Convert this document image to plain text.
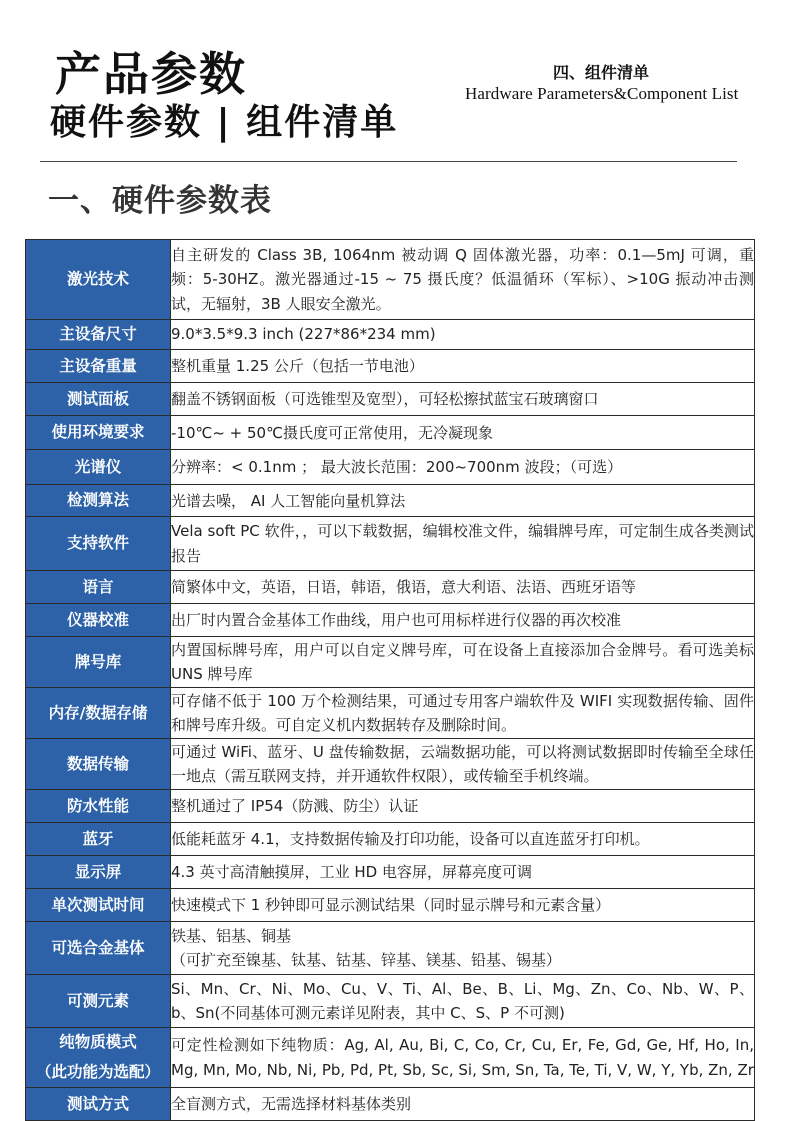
产品参数
硬件参数 | 组件清单
四、组件清单
Hardware Parameters&Component List
一、硬件参数表
激光技术	自主研发的 Class 3B, 1064nm 被动调 Q 固体激光器，功率：0.1—5mJ 可调，重频：5-30HZ。激光器通过-15 ~ 75 摄氏度？低温循环（军标）、>10G 振动冲击测试，无辐射，3B 人眼安全激光。
主设备尺寸	9.0*3.5*9.3 inch (227*86*234 mm)
主设备重量	整机重量 1.25 公斤（包括一节电池）
测试面板	翻盖不锈钢面板（可选锥型及宽型），可轻松擦拭蓝宝石玻璃窗口
使用环境要求	-10℃~ + 50℃摄氏度可正常使用，无冷凝现象
光谱仪	分辨率：< 0.1nm ； 最大波长范围：200~700nm 波段；（可选）
检测算法	光谱去噪， AI 人工智能向量机算法
支持软件	Vela soft PC 软件，，可以下载数据，编辑校准文件，编辑牌号库，可定制生成各类测试报告
语言	简繁体中文，英语，日语，韩语，俄语，意大利语、法语、西班牙语等
仪器校准	出厂时内置合金基体工作曲线，用户也可用标样进行仪器的再次校准
牌号库	内置国标牌号库，用户可以自定义牌号库，可在设备上直接添加合金牌号。看可选美标 UNS 牌号库
内存/数据存储	可存储不低于 100 万个检测结果，可通过专用客户端软件及 WIFI 实现数据传输、固件和牌号库升级。可自定义机内数据转存及删除时间。
数据传输	可通过 WiFi、蓝牙、U 盘传输数据，云端数据功能，可以将测试数据即时传输至全球任一地点（需互联网支持，并开通软件权限），或传输至手机终端。
防水性能	整机通过了 IP54（防溅、防尘）认证
蓝牙	低能耗蓝牙 4.1，支持数据传输及打印功能，设备可以直连蓝牙打印机。
显示屏	4.3 英寸高清触摸屏，工业 HD 电容屏，屏幕亮度可调
单次测试时间	快速模式下 1 秒钟即可显示测试结果（同时显示牌号和元素含量）
可选合金基体	铁基、铝基、铜基
（可扩充至镍基、钛基、钴基、锌基、镁基、铅基、锡基）
可测元素	Si、Mn、Cr、Ni、Mo、Cu、V、Ti、Al、Be、B、Li、Mg、Zn、Co、Nb、W、P、b、Sn(不同基体可测元素详见附表，其中 C、S、P 不可测)
纯物质模式
（此功能为选配）	可定性检测如下纯物质：Ag, Al, Au, Bi, C, Co, Cr, Cu, Er, Fe, Gd, Ge, Hf, Ho, In, Mg, Mn, Mo, Nb, Ni, Pb, Pd, Pt, Sb, Sc, Si, Sm, Sn, Ta, Te, Ti, V, W, Y, Yb, Zn, Zr
测试方式	全盲测方式，无需选择材料基体类别
